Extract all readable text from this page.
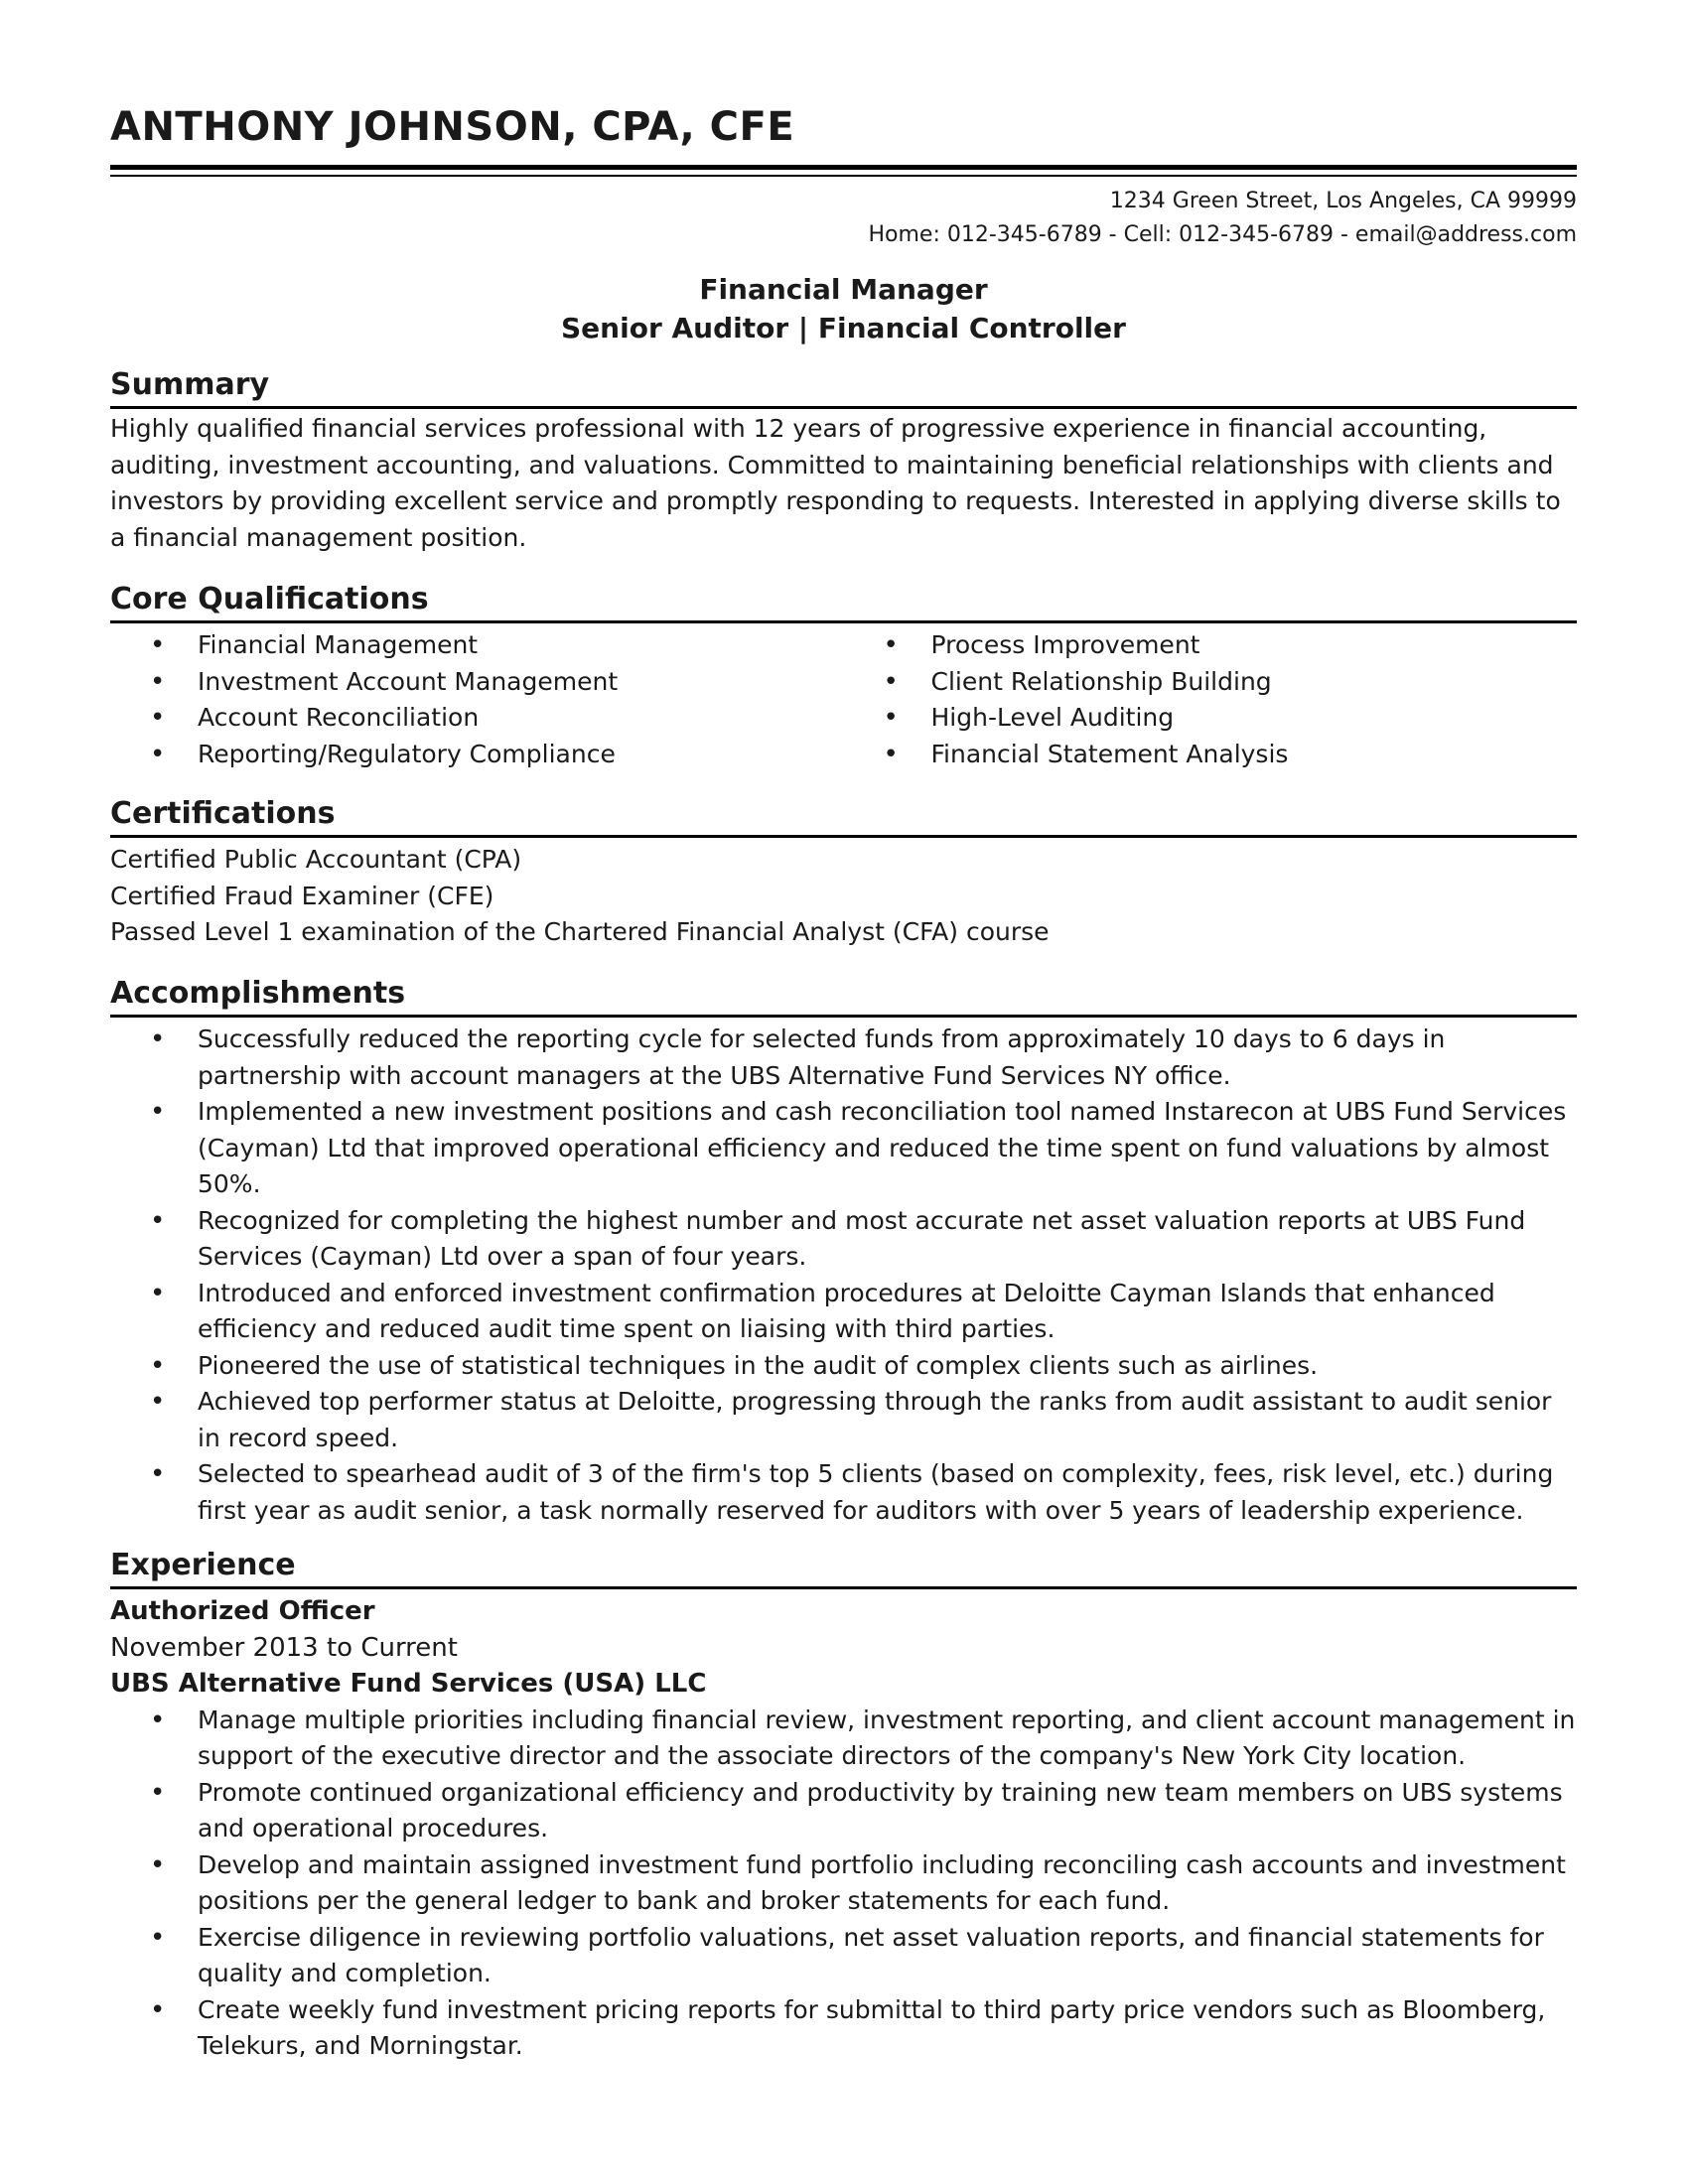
ANTHONY JOHNSON, CPA, CFE
1234 Green Street, Los Angeles, CA 99999
Home: 012-345-6789 - Cell: 012-345-6789 - email@address.com
Financial Manager
Senior Auditor | Financial Controller
Summary

Highly qualified financial services professional with 12 years of progressive experience in financial accounting, auditing, investment accounting, and valuations. Committed to maintaining beneficial relationships with clients and investors by providing excellent service and promptly responding to requests. Interested in applying diverse skills to a financial management position.

Core Qualifications
• Financial Management
• Investment Account Management
• Account Reconciliation
• Reporting/Regulatory Compliance
• Process Improvement
• Client Relationship Building
• High-Level Auditing
• Financial Statement Analysis
Certifications
Certified Public Accountant (CPA)
Certified Fraud Examiner (CFE)
Passed Level 1 examination of the Chartered Financial Analyst (CFA) course
Accomplishments
• Successfully reduced the reporting cycle for selected funds from approximately 10 days to 6 days in partnership with account managers at the UBS Alternative Fund Services NY office.
• Implemented a new investment positions and cash reconciliation tool named Instarecon at UBS Fund Services (Cayman) Ltd that improved operational efficiency and reduced the time spent on fund valuations by almost 50%.
• Recognized for completing the highest number and most accurate net asset valuation reports at UBS Fund Services (Cayman) Ltd over a span of four years.
• Introduced and enforced investment confirmation procedures at Deloitte Cayman Islands that enhanced efficiency and reduced audit time spent on liaising with third parties.
• Pioneered the use of statistical techniques in the audit of complex clients such as airlines.
• Achieved top performer status at Deloitte, progressing through the ranks from audit assistant to audit senior in record speed.
• Selected to spearhead audit of 3 of the firm's top 5 clients (based on complexity, fees, risk level, etc.) during first year as audit senior, a task normally reserved for auditors with over 5 years of leadership experience.
Experience
Authorized Officer
November 2013 to Current
UBS Alternative Fund Services (USA) LLC
• Manage multiple priorities including financial review, investment reporting, and client account management in support of the executive director and the associate directors of the company's New York City location.
• Promote continued organizational efficiency and productivity by training new team members on UBS systems and operational procedures.
• Develop and maintain assigned investment fund portfolio including reconciling cash accounts and investment positions per the general ledger to bank and broker statements for each fund.
• Exercise diligence in reviewing portfolio valuations, net asset valuation reports, and financial statements for quality and completion.
• Create weekly fund investment pricing reports for submittal to third party price vendors such as Bloomberg, Telekurs, and Morningstar.
